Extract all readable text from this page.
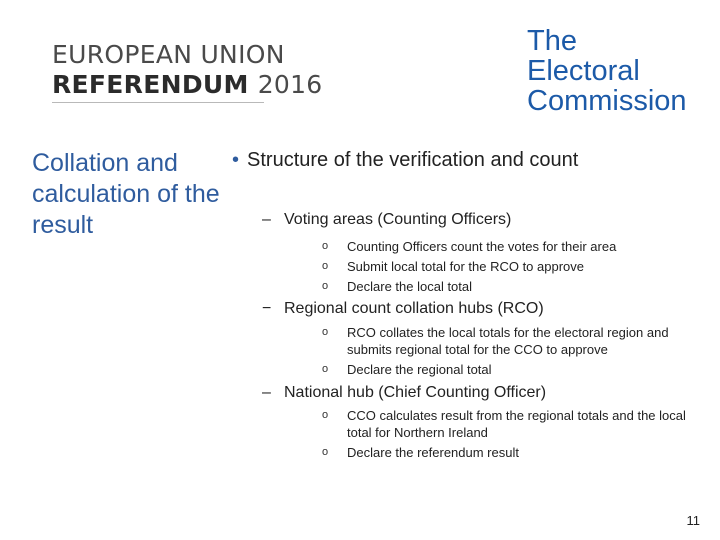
EUROPEAN UNION
REFERENDUM 2016
The
Electoral
Commission
Collation and calculation of the result
• Structure of the verification and count
– Voting areas (Counting Officers)
o Counting Officers count the votes for their area
o Submit local total for the RCO to approve
o Declare the local total
− Regional count collation hubs (RCO)
o RCO collates the local totals for the electoral region and submits regional total for the CCO to approve
o Declare the regional total
– National hub (Chief Counting Officer)
o CCO calculates result from the regional totals and the local total for Northern Ireland
o Declare the referendum result
11
